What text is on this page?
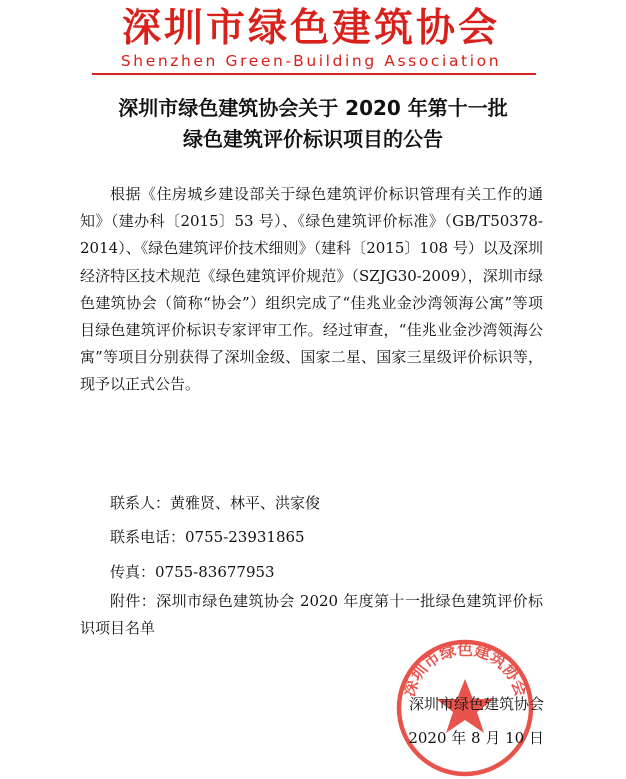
深圳市绿色建筑协会
Shenzhen Green-Building Association
深圳市绿色建筑协会关于 2020 年第十一批
绿色建筑评价标识项目的公告
根据《住房城乡建设部关于绿色建筑评价标识管理有关工作的通知》（建办科〔2015〕53 号）、《绿色建筑评价标准》（GB/T50378-2014）、《绿色建筑评价技术细则》（建科〔2015〕108 号）以及深圳经济特区技术规范《绿色建筑评价规范》（SZJG30-2009），深圳市绿色建筑协会（简称“协会”）组织完成了“佳兆业金沙湾领海公寓”等项目绿色建筑评价标识专家评审工作。经过审查，“佳兆业金沙湾领海公寓”等项目分别获得了深圳金级、国家二星、国家三星级评价标识等，现予以正式公告。
联系人：黄雅贤、林平、洪家俊
联系电话：0755-23931865
传真：0755-83677953
附件：深圳市绿色建筑协会 2020 年度第十一批绿色建筑评价标识项目名单
深圳市绿色建筑协会
深圳市绿色建筑协会
2020 年 8 月 10 日
